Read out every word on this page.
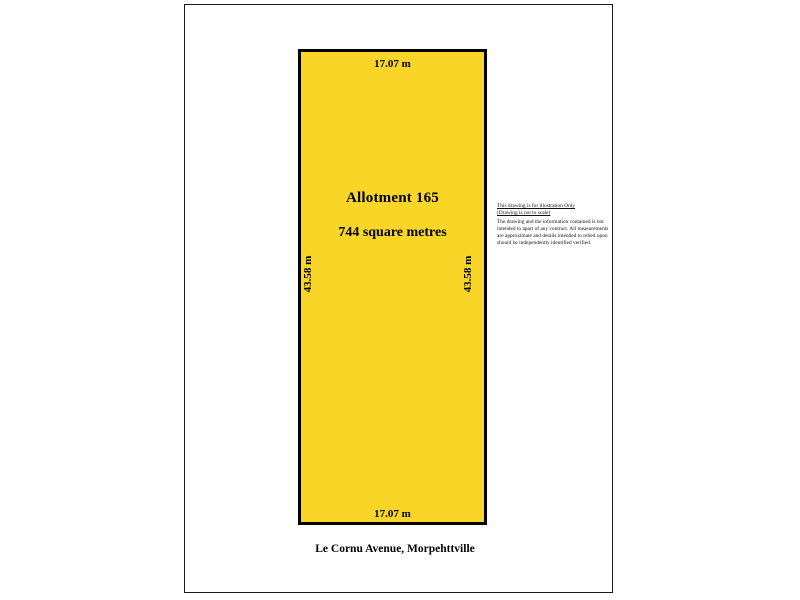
17.07 m
17.07 m
43.58 m	43.58 m
Allotment 165
744 square metres
Le Cornu Avenue, Morpehttville

This drawing is for illustration Only

(Drawing is not to scale)

The drawing and the information contained is not intended to apart of any contract. All measurements are approximate and details intended to relied upon should be independently identified verified.
